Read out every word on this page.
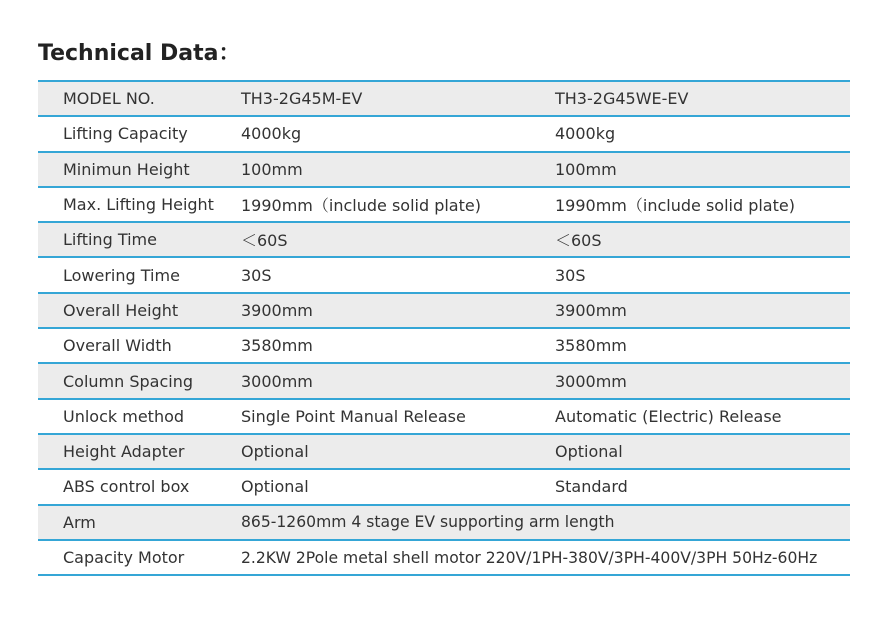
Technical Data：
MODEL NO.	TH3-2G45M-EV	TH3-2G45WE-EV
Lifting Capacity	4000kg	4000kg
Minimun Height	100mm	100mm
Max. Lifting Height	1990mm（include solid plate)	1990mm（include solid plate)
Lifting Time	＜60S	＜60S
Lowering Time	30S	30S
Overall Height	3900mm	3900mm
Overall Width	3580mm	3580mm
Column Spacing	3000mm	3000mm
Unlock method	Single Point Manual Release	Automatic (Electric) Release
Height Adapter	Optional	Optional
ABS control box	Optional	Standard
Arm	865-1260mm 4 stage EV supporting arm length	
Capacity Motor	2.2KW 2Pole metal shell motor 220V/1PH-380V/3PH-400V/3PH 50Hz-60Hz	
